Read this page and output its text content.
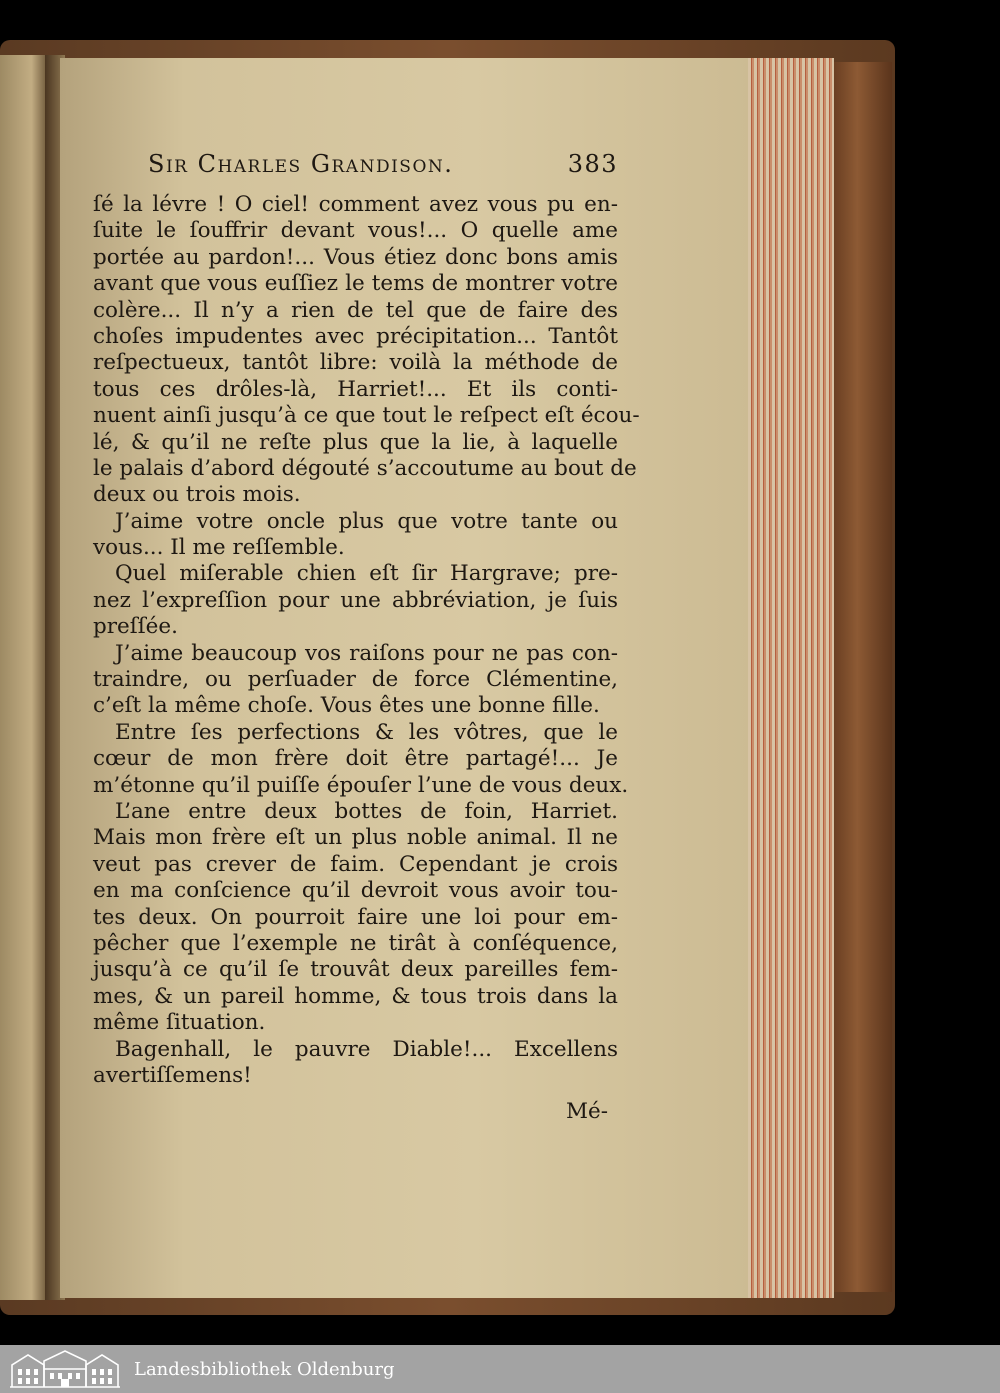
Sir Charles Grandison.	383
ſé la lévre ! O ciel! comment avez vous pu en-
ſuite le ſouffrir devant vous!... O quelle ame
portée au pardon!... Vous étiez donc bons amis
avant que vous euſſiez le tems de montrer votre
colère... Il n’y a rien de tel que de faire des
choſes impudentes avec précipitation... Tantôt
reſpectueux, tantôt libre: voilà la méthode de
tous ces drôles-là, Harriet!... Et ils conti-
nuent ainſi jusqu’à ce que tout le reſpect eſt écou-
lé, & qu’il ne reſte plus que la lie, à laquelle
le palais d’abord dégouté s’accoutume au bout de
deux ou trois mois.
J’aime votre oncle plus que votre tante ou
vous... Il me reſſemble.
Quel miſerable chien eſt ſir Hargrave; pre-
nez l’expreſſion pour une abbréviation, je ſuis
preſſée.
J’aime beaucoup vos raiſons pour ne pas con-
traindre, ou perſuader de force Clémentine,
c’eſt la même choſe. Vous êtes une bonne fille.
Entre ſes perfections & les vôtres, que le
cœur de mon frère doit être partagé!... Je
m’étonne qu’il puiſſe épouſer l’une de vous deux.
L’ane entre deux bottes de foin, Harriet.
Mais mon frère eſt un plus noble animal. Il ne
veut pas crever de faim. Cependant je crois
en ma conſcience qu’il devroit vous avoir tou-
tes deux. On pourroit faire une loi pour em-
pêcher que l’exemple ne tirât à conſéquence,
jusqu’à ce qu’il ſe trouvât deux pareilles fem-
mes, & un pareil homme, & tous trois dans la
même ſituation.
Bagenhall, le pauvre Diable!... Excellens
avertiſſemens!
Mé-
Landesbibliothek Oldenburg
